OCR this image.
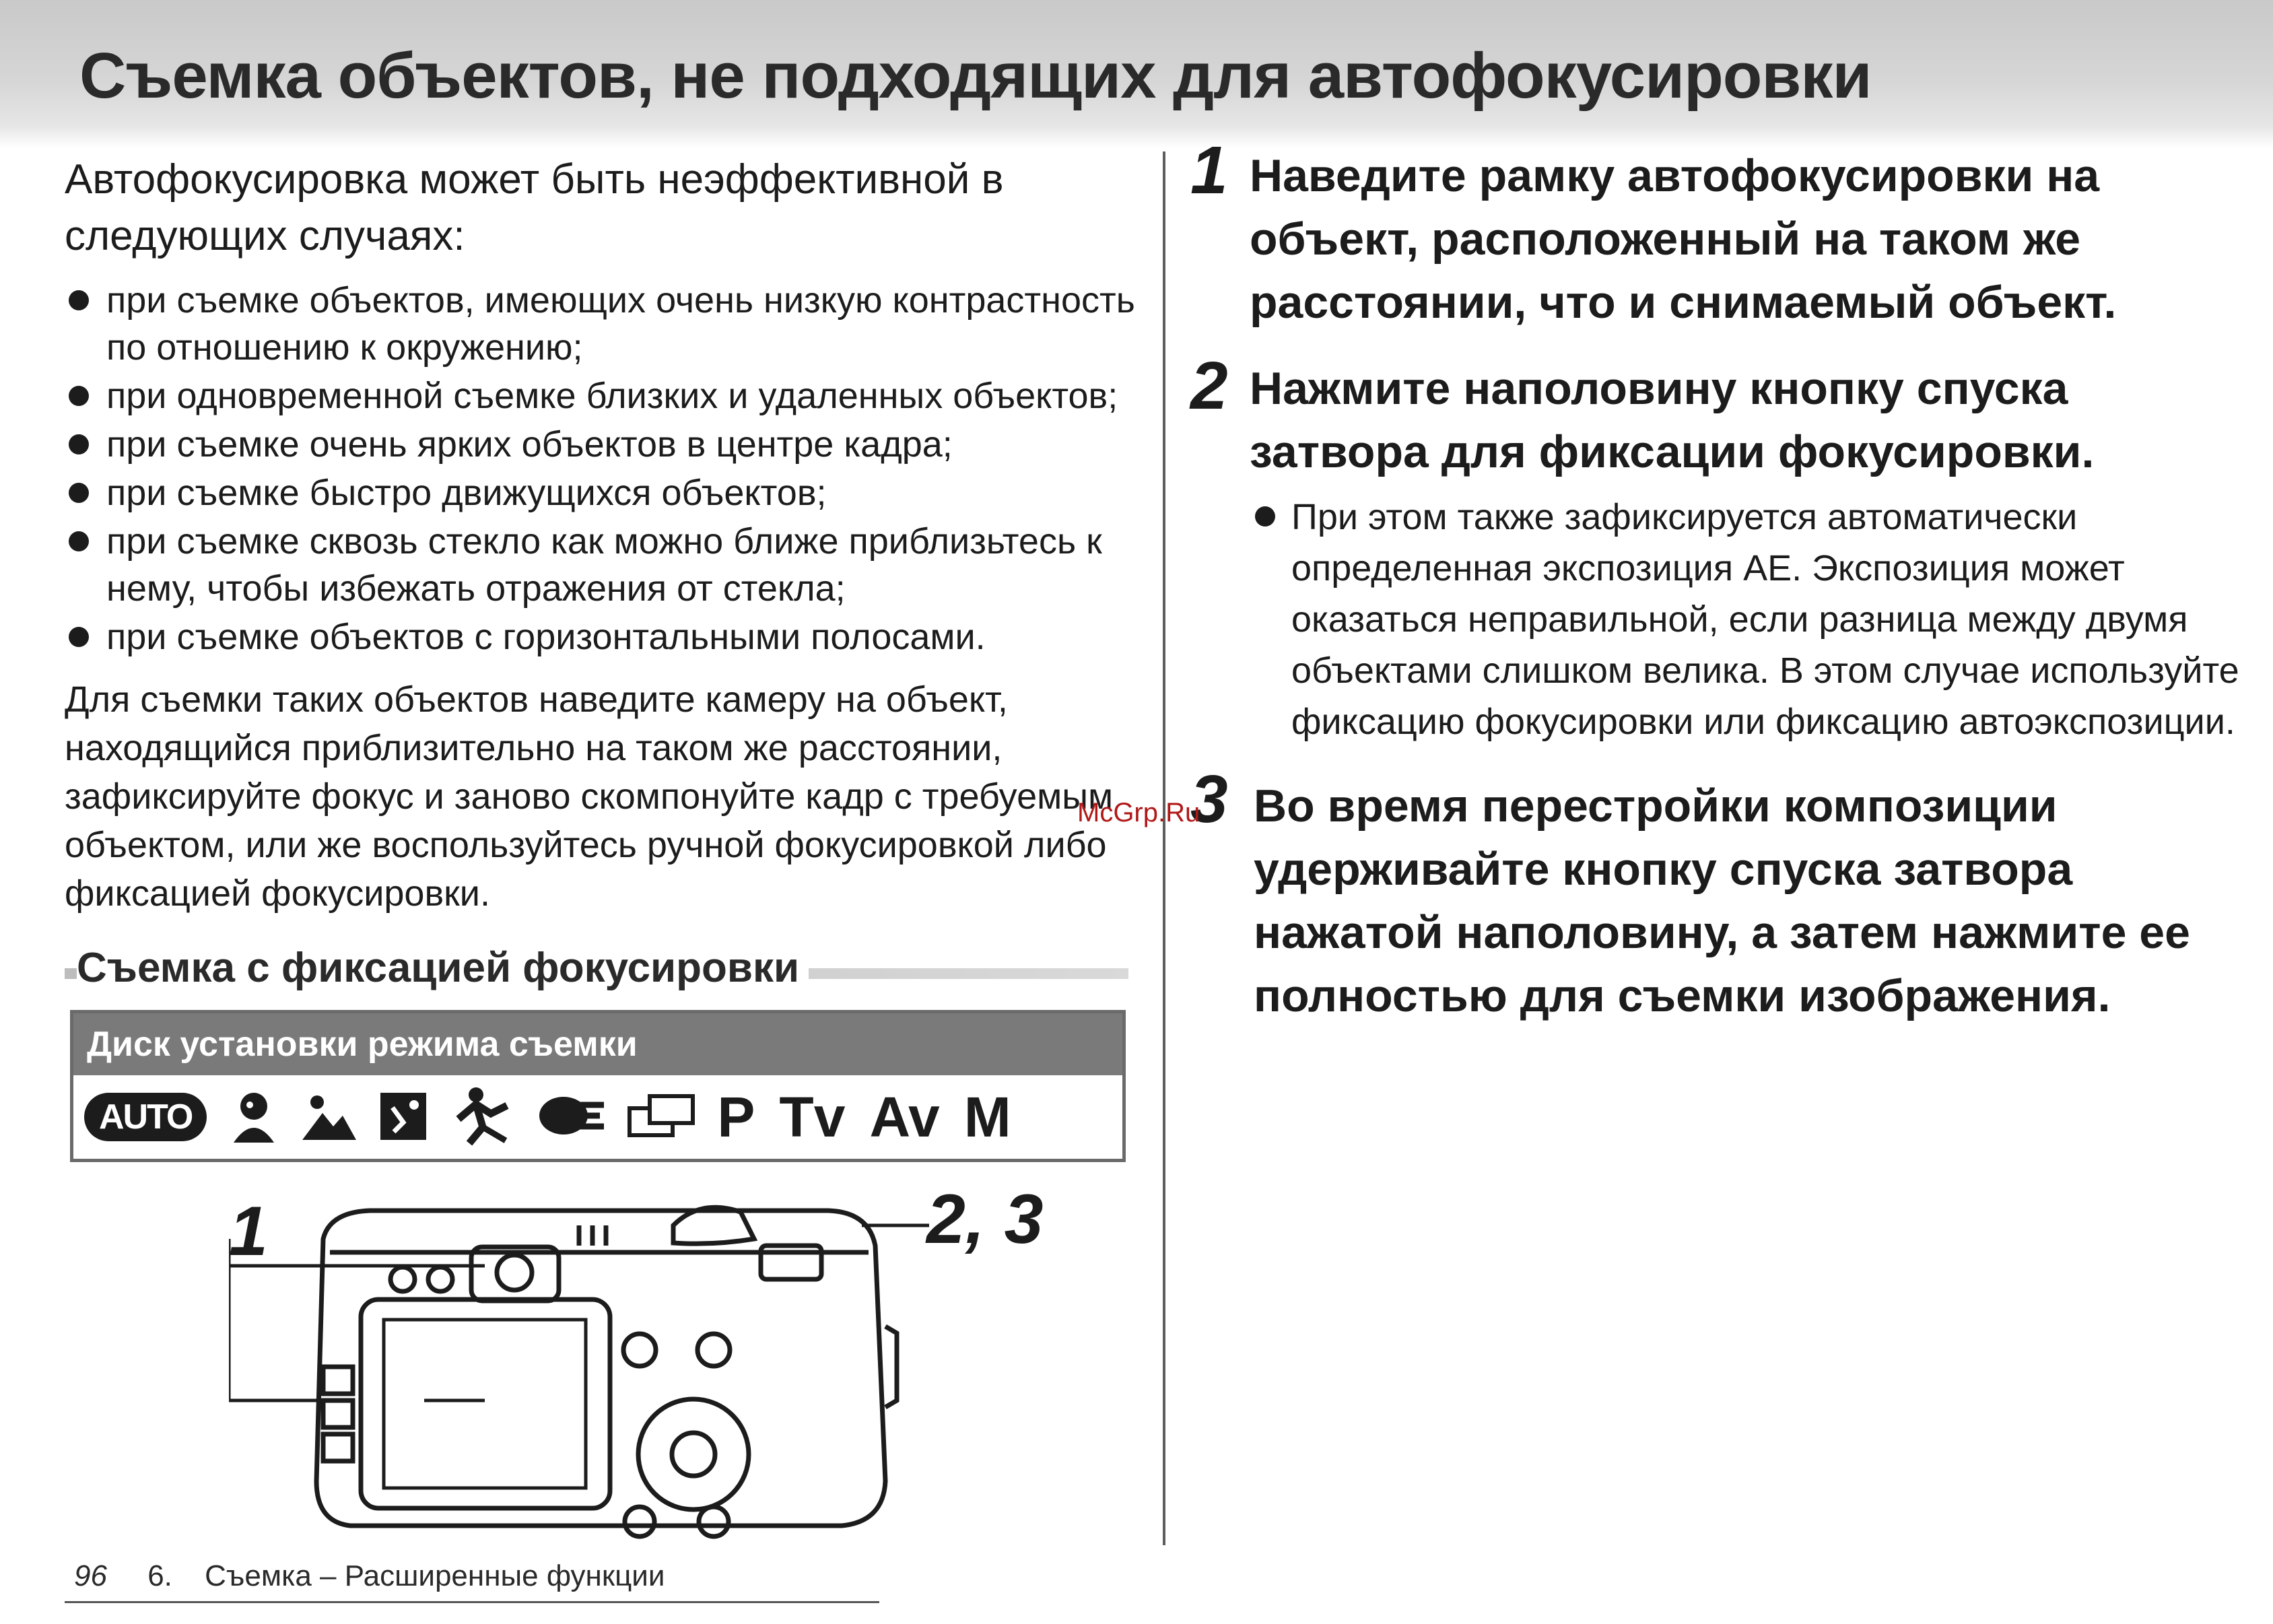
Съемка объектов, не подходящих для автофокусировки

Автофокусировка может быть неэффективной в следующих случаях:

при съемке объектов, имеющих очень низкую контрастность по отношению к окружению;
при одновременной съемке близких и удаленных объектов;
при съемке очень ярких объектов в центре кадра;
при съемке быстро движущихся объектов;
при съемке сквозь стекло как можно ближе приблизьтесь к нему, чтобы избежать отражения от стекла;
при съемке объектов с горизонтальными полосами.

Для съемки таких объектов наведите камеру на объект, находящийся приблизительно на таком же расстоянии, зафиксируйте фокус и заново скомпонуйте кадр с требуемым объектом, или же воспользуйтесь ручной фокусировкой либо фиксацией фокусировки.

Съемка с фиксацией фокусировки
Диск установки режима съемки
AUTO	P Tv Av M
1	2, 3
1 Наведите рамку автофокусировки на объект, расположенный на таком же расстоянии, что и снимаемый объект.

2 Нажмите наполовину кнопку спуска затвора для фиксации фокусировки.

При этом также зафиксируется автоматически определенная экспозиция AE. Экспозиция может оказаться неправильной, если разница между двумя объектами слишком велика. В этом случае используйте фиксацию фокусировки или фиксацию автоэкспозиции.

3 Во время перестройки композиции удерживайте кнопку спуска затвора нажатой наполовину, а затем нажмите ее полностью для съемки изображения.

McGrp.Ru
96 6. Съемка – Расширенные функции
